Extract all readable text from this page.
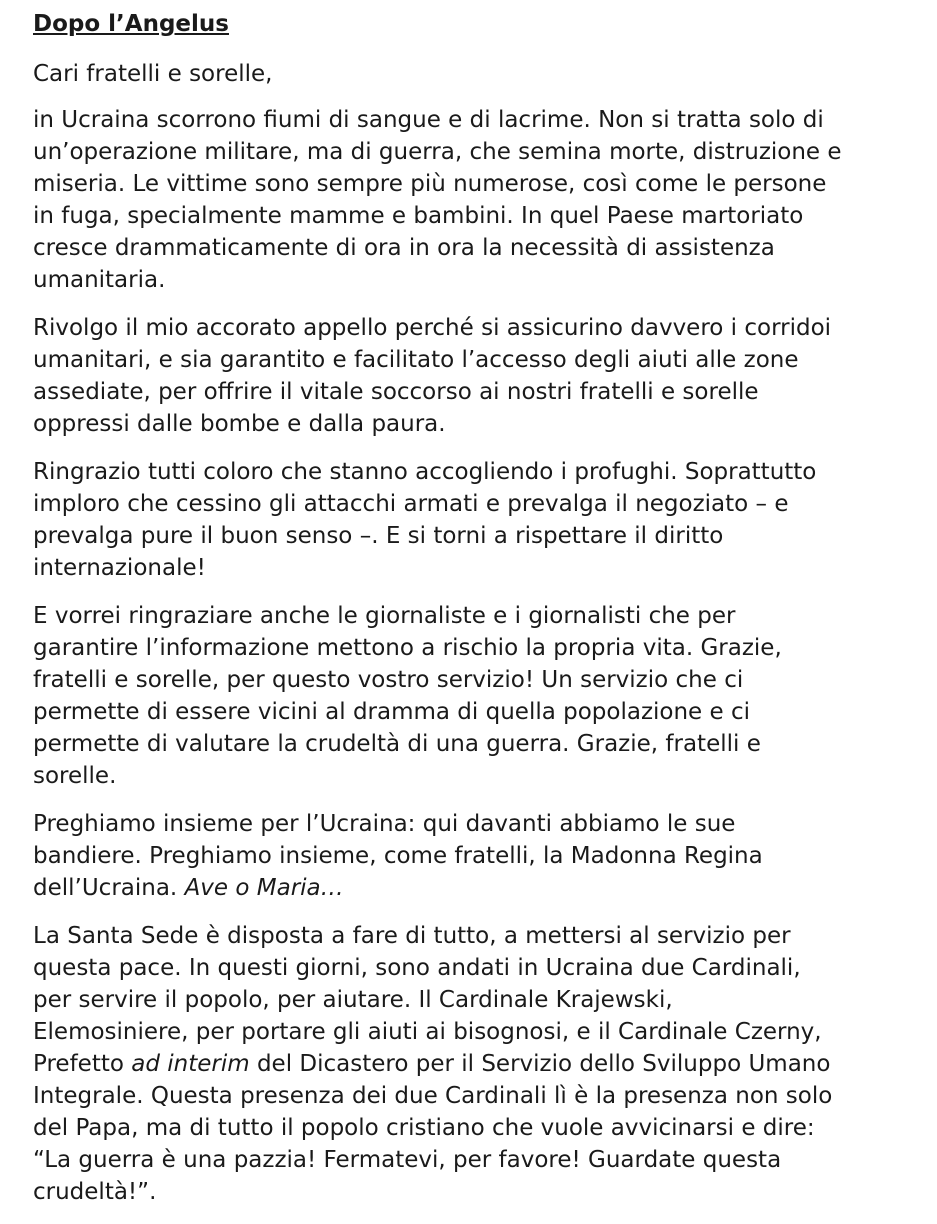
Dopo l’Angelus
Cari fratelli e sorelle,
in Ucraina scorrono fiumi di sangue e di lacrime. Non si tratta solo di
un’operazione militare, ma di guerra, che semina morte, distruzione e
miseria. Le vittime sono sempre più numerose, così come le persone
in fuga, specialmente mamme e bambini. In quel Paese martoriato
cresce drammaticamente di ora in ora la necessità di assistenza
umanitaria.
Rivolgo il mio accorato appello perché si assicurino davvero i corridoi
umanitari, e sia garantito e facilitato l’accesso degli aiuti alle zone
assediate, per offrire il vitale soccorso ai nostri fratelli e sorelle
oppressi dalle bombe e dalla paura.
Ringrazio tutti coloro che stanno accogliendo i profughi. Soprattutto
imploro che cessino gli attacchi armati e prevalga il negoziato – e
prevalga pure il buon senso –. E si torni a rispettare il diritto
internazionale!
E vorrei ringraziare anche le giornaliste e i giornalisti che per
garantire l’informazione mettono a rischio la propria vita. Grazie,
fratelli e sorelle, per questo vostro servizio! Un servizio che ci
permette di essere vicini al dramma di quella popolazione e ci
permette di valutare la crudeltà di una guerra. Grazie, fratelli e
sorelle.
Preghiamo insieme per l’Ucraina: qui davanti abbiamo le sue
bandiere. Preghiamo insieme, come fratelli, la Madonna Regina
dell’Ucraina. Ave o Maria…
La Santa Sede è disposta a fare di tutto, a mettersi al servizio per
questa pace. In questi giorni, sono andati in Ucraina due Cardinali,
per servire il popolo, per aiutare. Il Cardinale Krajewski,
Elemosiniere, per portare gli aiuti ai bisognosi, e il Cardinale Czerny,
Prefetto ad interim del Dicastero per il Servizio dello Sviluppo Umano
Integrale. Questa presenza dei due Cardinali lì è la presenza non solo
del Papa, ma di tutto il popolo cristiano che vuole avvicinarsi e dire:
“La guerra è una pazzia! Fermatevi, per favore! Guardate questa
crudeltà!”.
